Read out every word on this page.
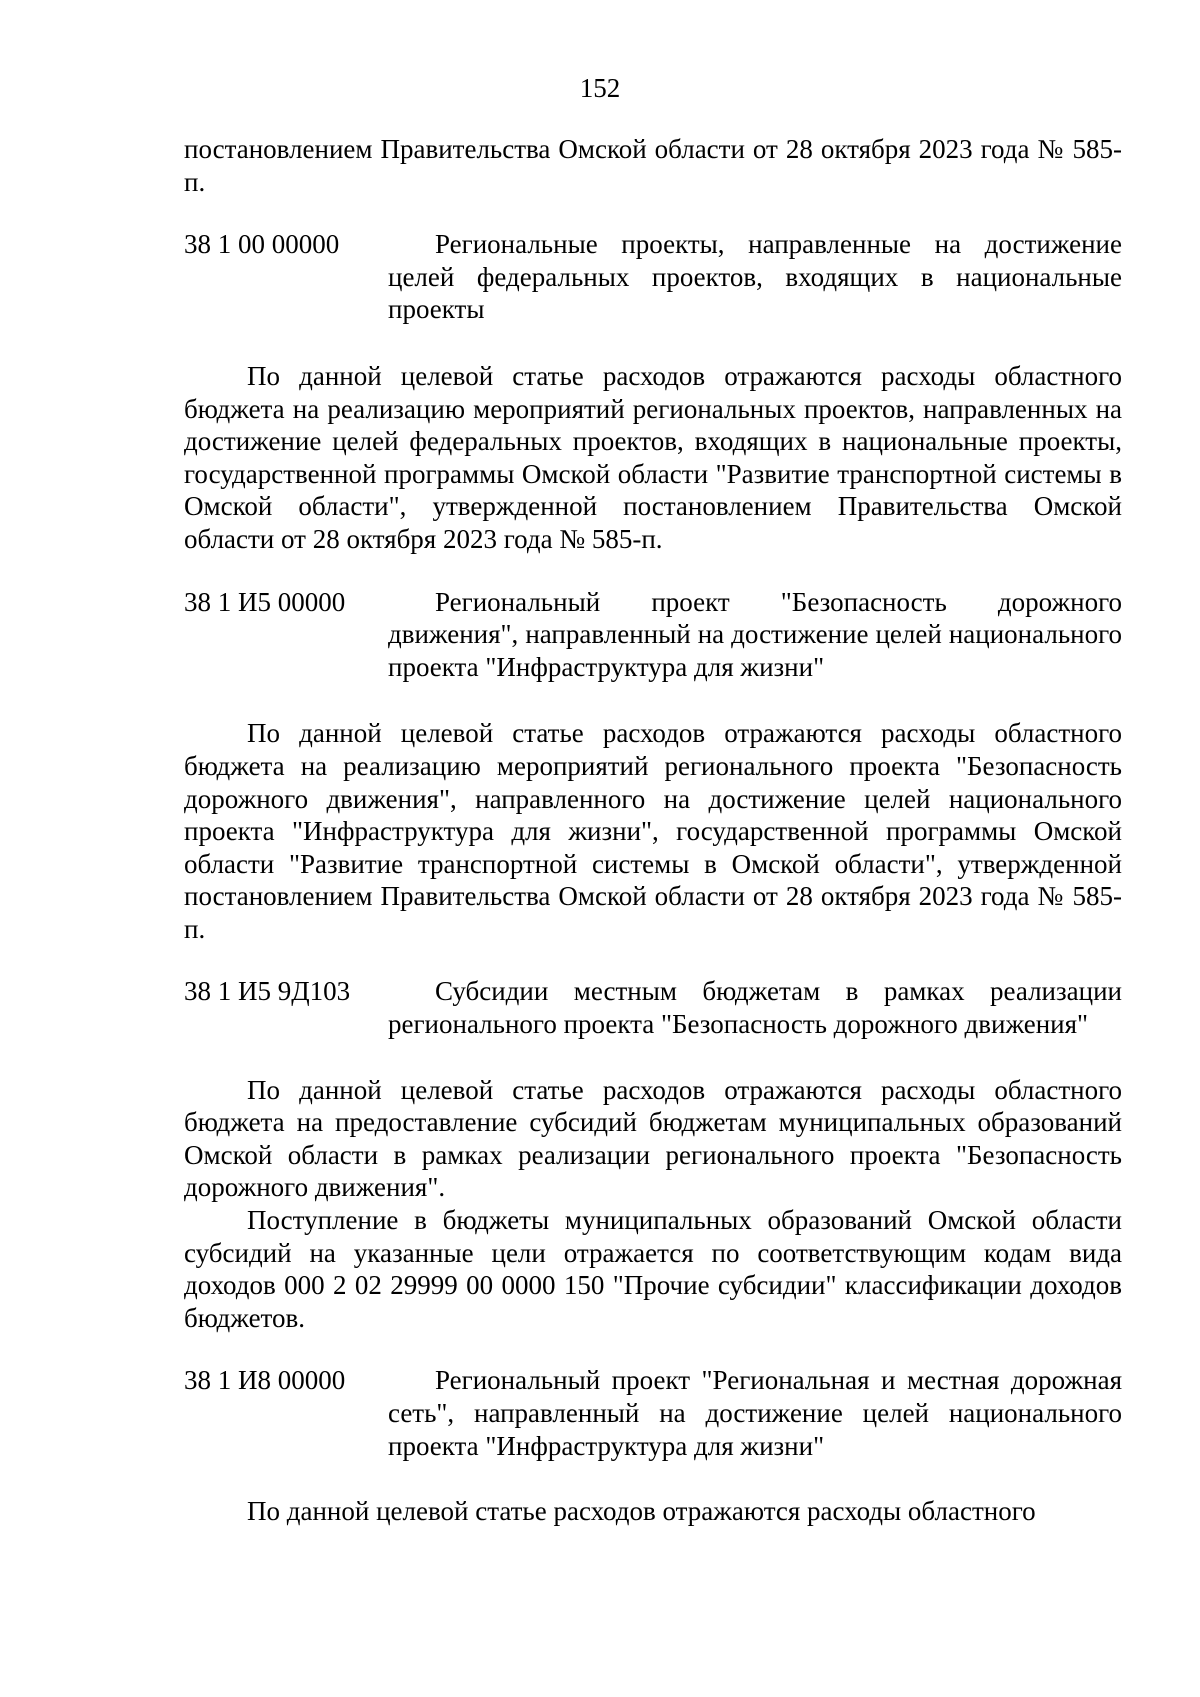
152

постановлением Правительства Омской области от 28 октября 2023 года № 585-п.

38 1 00 00000	Региональные проекты, направленные на достижение целей федеральных проектов, входящих в национальные проекты

По данной целевой статье расходов отражаются расходы областного бюджета на реализацию мероприятий региональных проектов, направленных на достижение целей федеральных проектов, входящих в национальные проекты, государственной программы Омской области "Развитие транспортной системы в Омской области", утвержденной постановлением Правительства Омской области от 28 октября 2023 года № 585-п.

38 1 И5 00000	Региональный проект "Безопасность дорожного движения", направленный на достижение целей национального проекта "Инфраструктура для жизни"

По данной целевой статье расходов отражаются расходы областного бюджета на реализацию мероприятий регионального проекта "Безопасность дорожного движения", направленного на достижение целей национального проекта "Инфраструктура для жизни", государственной программы Омской области "Развитие транспортной системы в Омской области", утвержденной постановлением Правительства Омской области от 28 октября 2023 года № 585-п.

38 1 И5 9Д103	Субсидии местным бюджетам в рамках реализации регионального проекта "Безопасность дорожного движения"

По данной целевой статье расходов отражаются расходы областного бюджета на предоставление субсидий бюджетам муниципальных образований Омской области в рамках реализации регионального проекта "Безопасность дорожного движения".

Поступление в бюджеты муниципальных образований Омской области субсидий на указанные цели отражается по соответствующим кодам вида доходов 000 2 02 29999 00 0000 150 "Прочие субсидии" классификации доходов бюджетов.

38 1 И8 00000	Региональный проект "Региональная и местная дорожная сеть", направленный на достижение целей национального проекта "Инфраструктура для жизни"

По данной целевой статье расходов отражаются расходы областного
